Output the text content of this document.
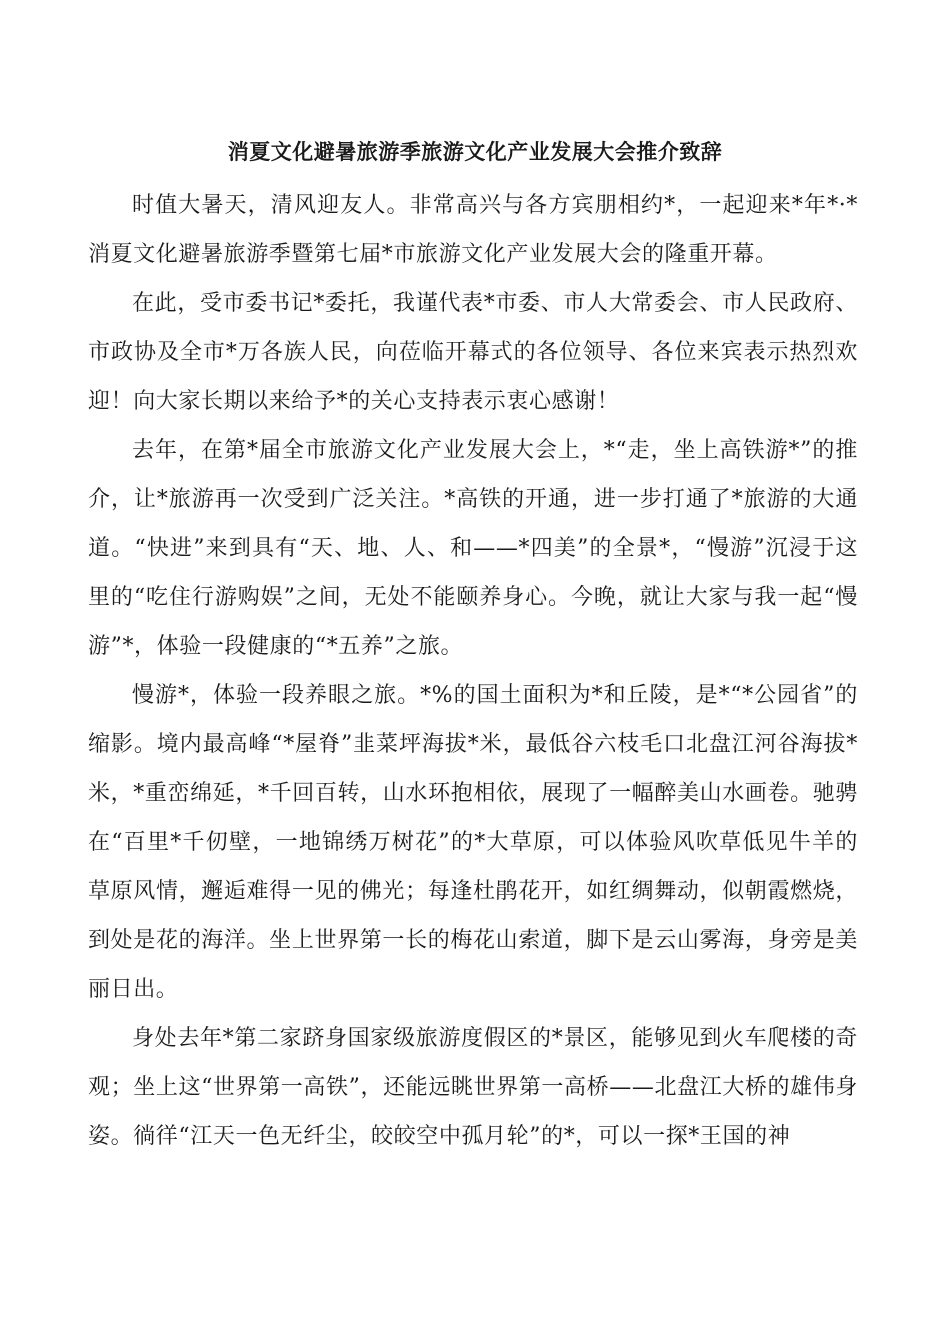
消夏文化避暑旅游季旅游文化产业发展大会推介致辞

时值大暑天，清风迎友人。非常高兴与各方宾朋相约*，一起迎来*年*·*消夏文化避暑旅游季暨第七届*市旅游文化产业发展大会的隆重开幕。

在此，受市委书记*委托，我谨代表*市委、市人大常委会、市人民政府、市政协及全市*万各族人民，向莅临开幕式的各位领导、各位来宾表示热烈欢迎！向大家长期以来给予*的关心支持表示衷心感谢！

去年，在第*届全市旅游文化产业发展大会上，*“走，坐上高铁游*”的推介，让*旅游再一次受到广泛关注。*高铁的开通，进一步打通了*旅游的大通道。“快进”来到具有“天、地、人、和——*四美”的全景*，“慢游”沉浸于这里的“吃住行游购娱”之间，无处不能颐养身心。今晚，就让大家与我一起“慢游”*，体验一段健康的“*五养”之旅。

慢游*，体验一段养眼之旅。*%的国土面积为*和丘陵，是*“*公园省”的缩影。境内最高峰“*屋脊”韭菜坪海拔*米，最低谷六枝毛口北盘江河谷海拔*米，*重峦绵延，*千回百转，山水环抱相依，展现了一幅醉美山水画卷。驰骋在“百里*千仞壁，一地锦绣万树花”的*大草原，可以体验风吹草低见牛羊的草原风情，邂逅难得一见的佛光；每逢杜鹃花开，如红绸舞动，似朝霞燃烧，到处是花的海洋。坐上世界第一长的梅花山索道，脚下是云山雾海，身旁是美丽日出。

身处去年*第二家跻身国家级旅游度假区的*景区，能够见到火车爬楼的奇观；坐上这“世界第一高铁”，还能远眺世界第一高桥——北盘江大桥的雄伟身姿。徜徉“江天一色无纤尘，皎皎空中孤月轮”的*，可以一探*王国的神
